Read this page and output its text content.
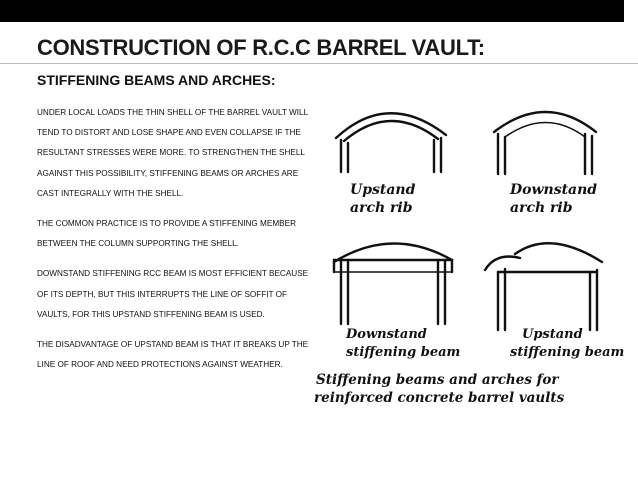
CONSTRUCTION OF R.C.C BARREL VAULT:
STIFFENING BEAMS AND ARCHES:

UNDER LOCAL LOADS THE THIN SHELL OF THE BARREL VAULT WILL TEND TO DISTORT AND LOSE SHAPE AND EVEN COLLAPSE IF THE RESULTANT STRESSES WERE MORE. TO STRENGTHEN THE SHELL AGAINST THIS POSSIBILITY, STIFFENING BEAMS OR ARCHES ARE CAST INTEGRALLY WITH THE SHELL.

THE COMMON PRACTICE IS TO PROVIDE A STIFFENING MEMBER BETWEEN THE COLUMN SUPPORTING THE SHELL.

DOWNSTAND STIFFENING RCC BEAM IS MOST EFFICIENT BECAUSE OF ITS DEPTH, BUT THIS INTERRUPTS THE LINE OF SOFFIT OF VAULTS, FOR THIS UPSTAND STIFFENING BEAM IS USED.

THE DISADVANTAGE OF UPSTAND BEAM IS THAT IT BREAKS UP THE LINE OF ROOF AND NEED PROTECTIONS AGAINST WEATHER.

Upstand
arch rib
Downstand
arch rib
Downstand
stiffening beam
Upstand
stiffening beam
Stiffening beams and arches for
reinforced concrete barrel vaults
